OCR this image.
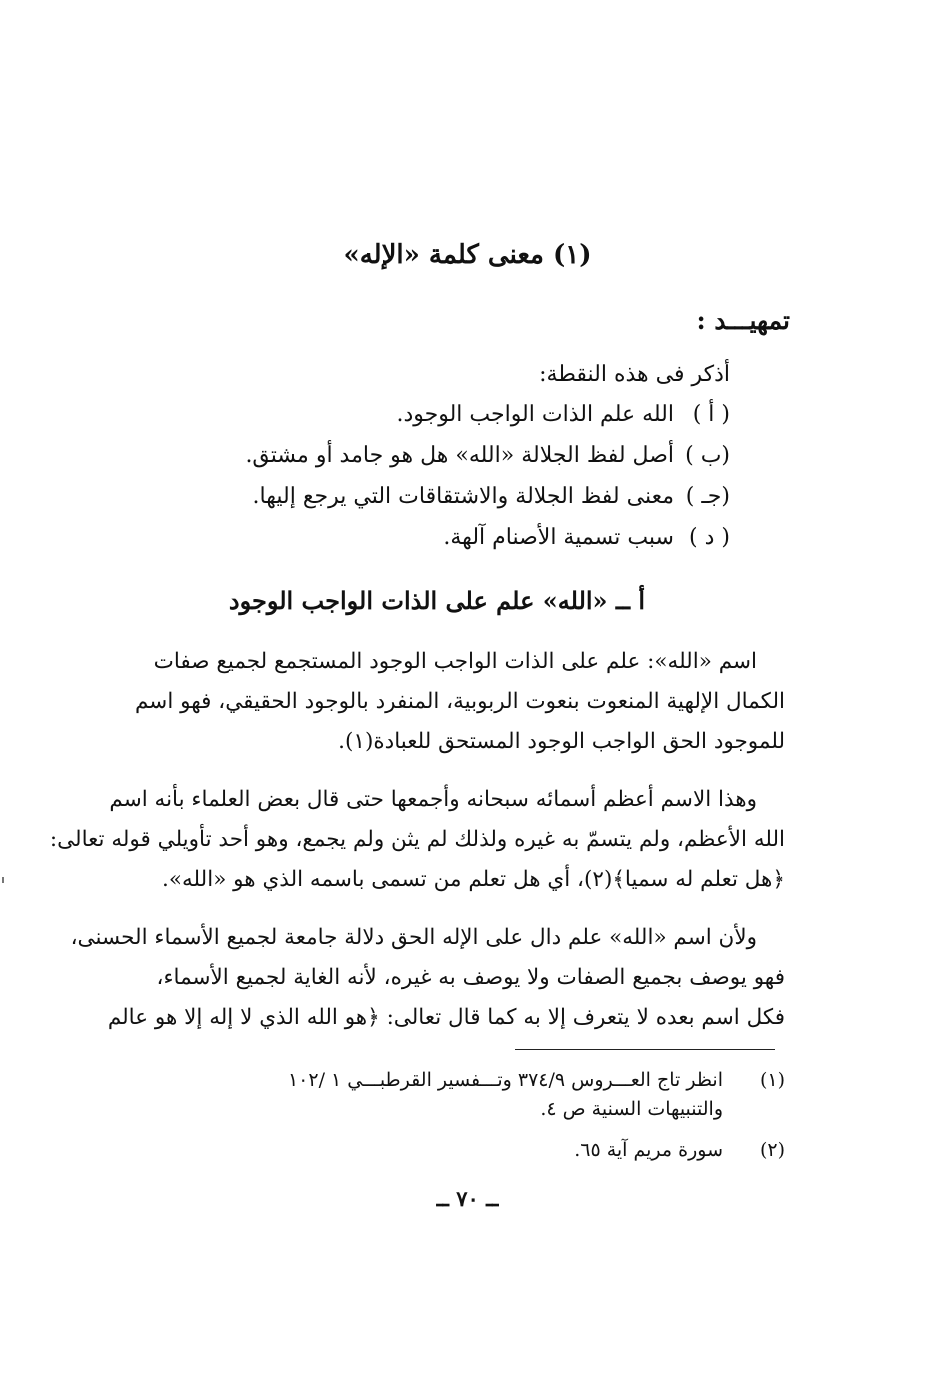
(١) معنى كلمة «الإله»
تمهيـــد :
أذكر فى هذه النقطة:
( أ )
الله علم الذات الواجب الوجود.
(ب )
أصل لفظ الجلالة «الله» هل هو جامد أو مشتق.
(جـ )
معنى لفظ الجلالة والاشتقاقات التي يرجع إليها.
( د )
سبب تسمية الأصنام آلهة.
أ ــ «الله» علم على الذات الواجب الوجود
اسم «الله»: علم على الذات الواجب الوجود المستجمع لجميع صفات
الكمال الإلهية المنعوت بنعوت الربوبية، المنفرد بالوجود الحقيقي، فهو اسم
للموجود الحق الواجب الوجود المستحق للعبادة(١).
وهذا الاسم أعظم أسمائه سبحانه وأجمعها حتى قال بعض العلماء بأنه اسم
الله الأعظم، ولم يتسمّ به غيره ولذلك لم يثن ولم يجمع، وهو أحد تأويلي قوله تعالى:
﴿هل تعلم له سميا﴾(٢)، أي هل تعلم من تسمى باسمه الذي هو «الله».
ولأن اسم «الله» علم دال على الإله الحق دلالة جامعة لجميع الأسماء الحسنى،
فهو يوصف بجميع الصفات ولا يوصف به غيره، لأنه الغاية لجميع الأسماء،
فكل اسم بعده لا يتعرف إلا به كما قال تعالى: ﴿هو الله الذي لا إله إلا هو عالم
(١)
انظر تاج العـــروس ٣٧٤/٩ وتـــفسير القرطبـــي ١ /١٠٢
والتنبيهات السنية ص ٤.
(٢)
سورة مريم آية ٦٥.
ــ ٧٠ ــ
